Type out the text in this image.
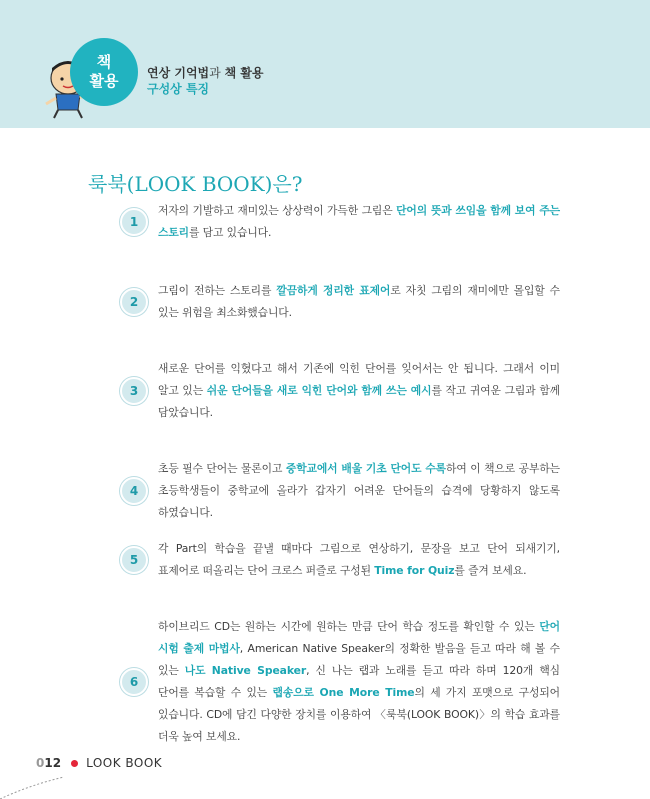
책
활용	연상 기억법과 책 활용
구성상 특징
룩북(LOOK BOOK)은?
1
저자의 기발하고 재미있는 상상력이 가득한 그림은 단어의 뜻과 쓰임을 함께 보여 주는 스토리를 담고 있습니다.
2
그림이 전하는 스토리를 깔끔하게 정리한 표제어로 자칫 그림의 재미에만 몰입할 수 있는 위험을 최소화했습니다.
3
새로운 단어를 익혔다고 해서 기존에 익힌 단어를 잊어서는 안 됩니다. 그래서 이미 알고 있는 쉬운 단어들을 새로 익힌 단어와 함께 쓰는 예시를 작고 귀여운 그림과 함께 담았습니다.
4
초등 필수 단어는 물론이고 중학교에서 배울 기초 단어도 수록하여 이 책으로 공부하는 초등학생들이 중학교에 올라가 갑자기 어려운 단어들의 습격에 당황하지 않도록 하였습니다.
5
각 Part의 학습을 끝낼 때마다 그림으로 연상하기, 문장을 보고 단어 되새기기, 표제어로 떠올리는 단어 크로스 퍼즐로 구성된 Time for Quiz를 즐겨 보세요.
6
하이브리드 CD는 원하는 시간에 원하는 만큼 단어 학습 정도를 확인할 수 있는 단어 시험 출제 마법사, American Native Speaker의 정확한 발음을 듣고 따라 해 볼 수 있는 나도 Native Speaker, 신 나는 랩과 노래를 듣고 따라 하며 120개 핵심 단어를 복습할 수 있는 랩송으로 One More Time의 세 가지 포맷으로 구성되어 있습니다. CD에 담긴 다양한 장치를 이용하여 〈룩북(LOOK BOOK)〉의 학습 효과를 더욱 높여 보세요.
012 LOOK BOOK
